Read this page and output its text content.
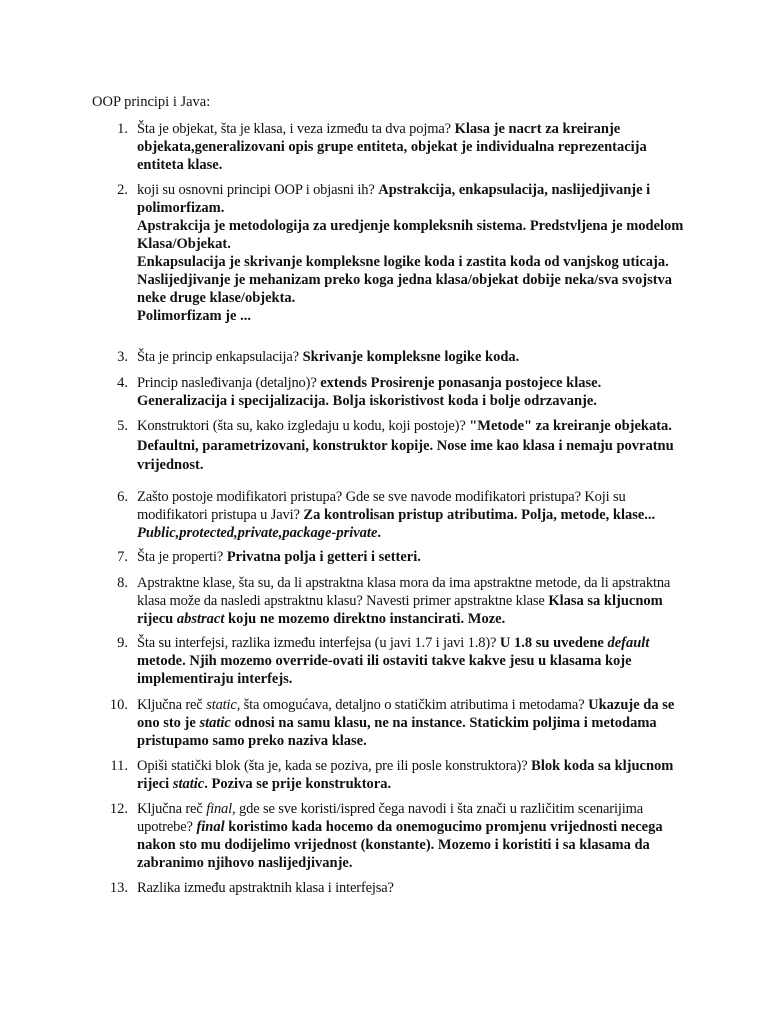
OOP principi i Java:
1. Šta je objekat, šta je klasa, i veza između ta dva pojma? Klasa je nacrt za kreiranje objekata,generalizovani opis grupe entiteta, objekat je individualna reprezentacija entiteta klase.
2. koji su osnovni principi OOP i objasni ih? Apstrakcija, enkapsulacija, naslijedjivanje i polimorfizam.
Apstrakcija je metodologija za uredjenje kompleksnih sistema. Predstvljena je modelom Klasa/Objekat.
Enkapsulacija je skrivanje kompleksne logike koda i zastita koda od vanjskog uticaja.
Naslijedjivanje je mehanizam preko koga jedna klasa/objekat dobije neka/sva svojstva neke druge klase/objekta.
Polimorfizam je ...
3. Šta je princip enkapsulacija? Skrivanje kompleksne logike koda.
4. Princip nasleđivanja (detaljno)? extends Prosirenje ponasanja postojece klase. Generalizacija i specijalizacija. Bolja iskoristivost koda i bolje odrzavanje.
5. Konstruktori (šta su, kako izgledaju u kodu, koji postoje)? "Metode" za kreiranje objekata. Defaultni, parametrizovani, konstruktor kopije. Nose ime kao klasa i nemaju povratnu vrijednost.
6. Zašto postoje modifikatori pristupa? Gde se sve navode modifikatori pristupa? Koji su modifikatori pristupa u Javi? Za kontrolisan pristup atributima. Polja, metode, klase... Public,protected,private,package-private.
7. Šta je properti? Privatna polja i getteri i setteri.
8. Apstraktne klase, šta su, da li apstraktna klasa mora da ima apstraktne metode, da li apstraktna klasa može da nasledi apstraktnu klasu? Navesti primer apstraktne klase Klasa sa kljucnom rijecu abstract koju ne mozemo direktno instancirati. Moze.
9. Šta su interfejsi, razlika između interfejsa (u javi 1.7 i javi 1.8)? U 1.8 su uvedene default metode. Njih mozemo override-ovati ili ostaviti takve kakve jesu u klasama koje implementiraju interfejs.
10. Ključna reč static, šta omogućava, detaljno o statičkim atributima i metodama? Ukazuje da se ono sto je static odnosi na samu klasu, ne na instance. Statickim poljima i metodama pristupamo samo preko naziva klase.
11. Opiši statički blok (šta je, kada se poziva, pre ili posle konstruktora)? Blok koda sa kljucnom rijeci static. Poziva se prije konstruktora.
12. Ključna reč final, gde se sve koristi/ispred čega navodi i šta znači u različitim scenarijima upotrebe? final koristimo kada hocemo da onemogucimo promjenu vrijednosti necega nakon sto mu dodijelimo vrijednost (konstante). Mozemo i koristiti i sa klasama da zabranimo njihovo naslijedjivanje.
13. Razlika između apstraktnih klasa i interfejsa?
